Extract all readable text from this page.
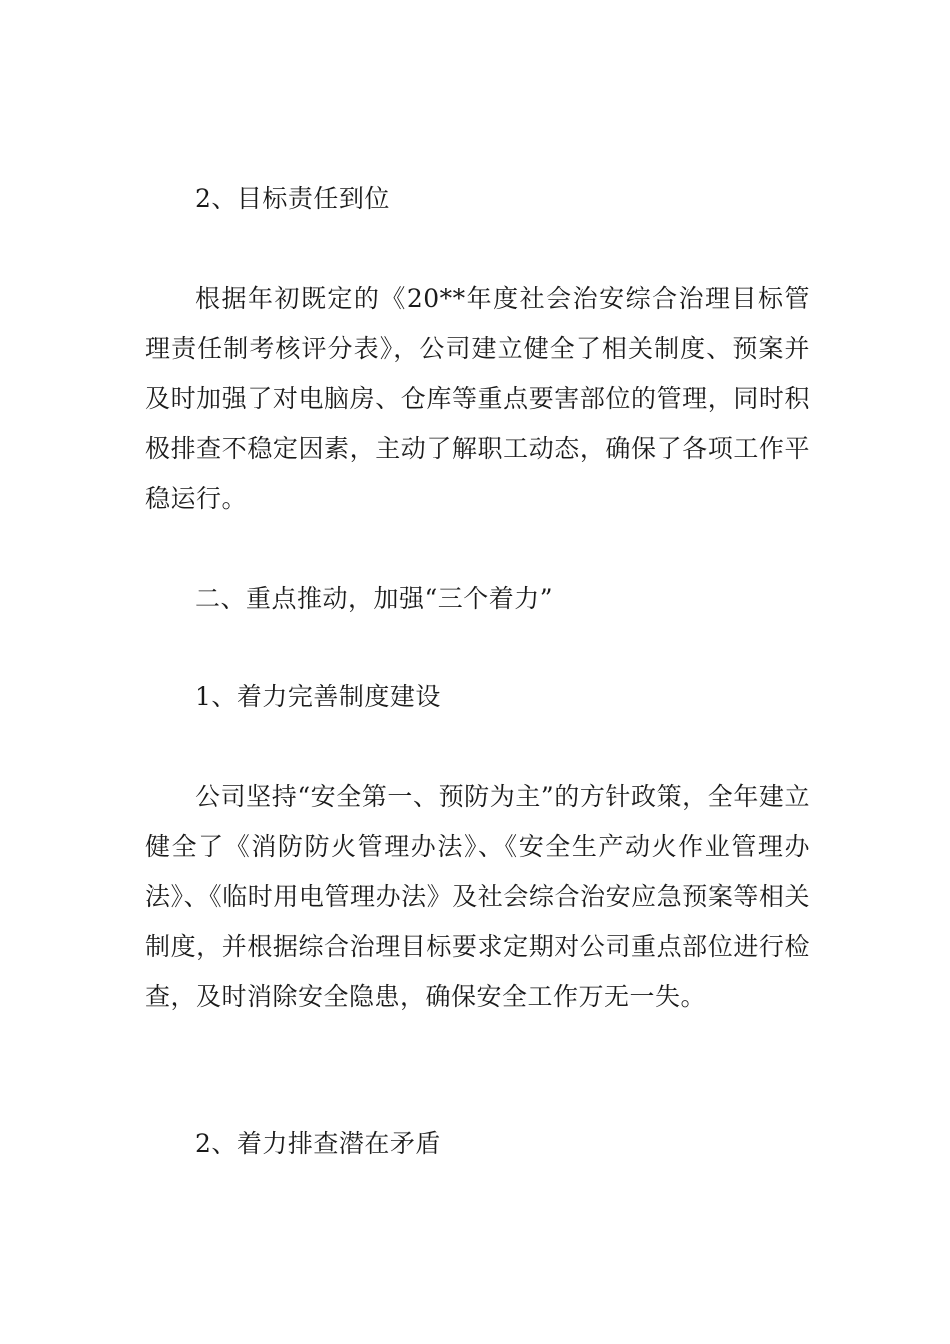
2、目标责任到位

根据年初既定的《20**年度社会治安综合治理目标管理责任制考核评分表》，公司建立健全了相关制度、预案并及时加强了对电脑房、仓库等重点要害部位的管理，同时积极排查不稳定因素，主动了解职工动态，确保了各项工作平稳运行。

二、重点推动，加强“三个着力”

1、着力完善制度建设

公司坚持“安全第一、预防为主”的方针政策，全年建立健全了《消防防火管理办法》、《安全生产动火作业管理办法》、《临时用电管理办法》及社会综合治安应急预案等相关制度，并根据综合治理目标要求定期对公司重点部位进行检查，及时消除安全隐患，确保安全工作万无一失。

2、着力排查潜在矛盾
